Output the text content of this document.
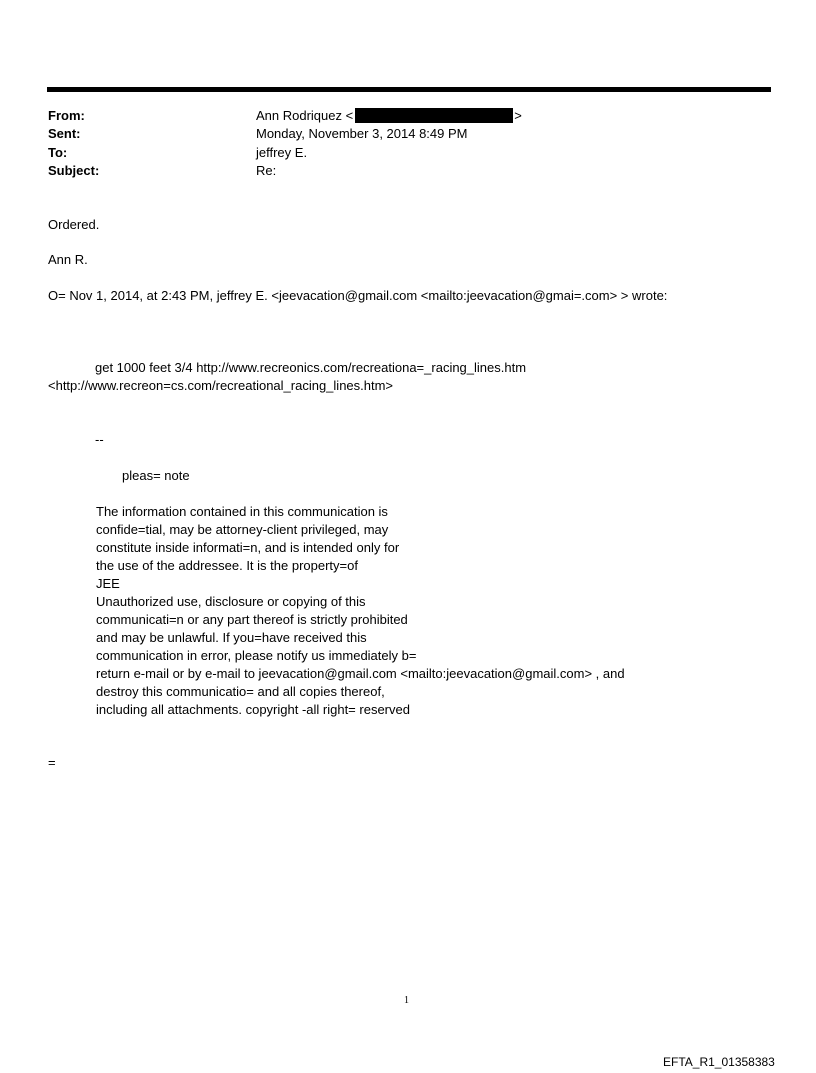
From:	Ann Rodriquez <	>
Sent:	Monday, November 3, 2014 8:49 PM
To:	jeffrey E.
Subject:	Re:
Ordered.
Ann R.
O= Nov 1, 2014, at 2:43 PM, jeffrey E. <jeevacation@gmail.com <mailto:jeevacation@gmai=.com> > wrote:
get 1000 feet 3/4 http://www.recreonics.com/recreationa=_racing_lines.htm
<http://www.recreon=cs.com/recreational_racing_lines.htm>
--
pleas= note
The information contained in this communication is
confide=tial, may be attorney-client privileged, may
constitute inside informati=n, and is intended only for
the use of the addressee. It is the property=of
JEE
Unauthorized use, disclosure or copying of this
communicati=n or any part thereof is strictly prohibited
and may be unlawful. If you=have received this
communication in error, please notify us immediately b=
return e-mail or by e-mail to jeevacation@gmail.com <mailto:jeevacation@gmail.com> , and
destroy this communicatio= and all copies thereof,
including all attachments. copyright -all right= reserved
=
1
EFTA_R1_01358383
